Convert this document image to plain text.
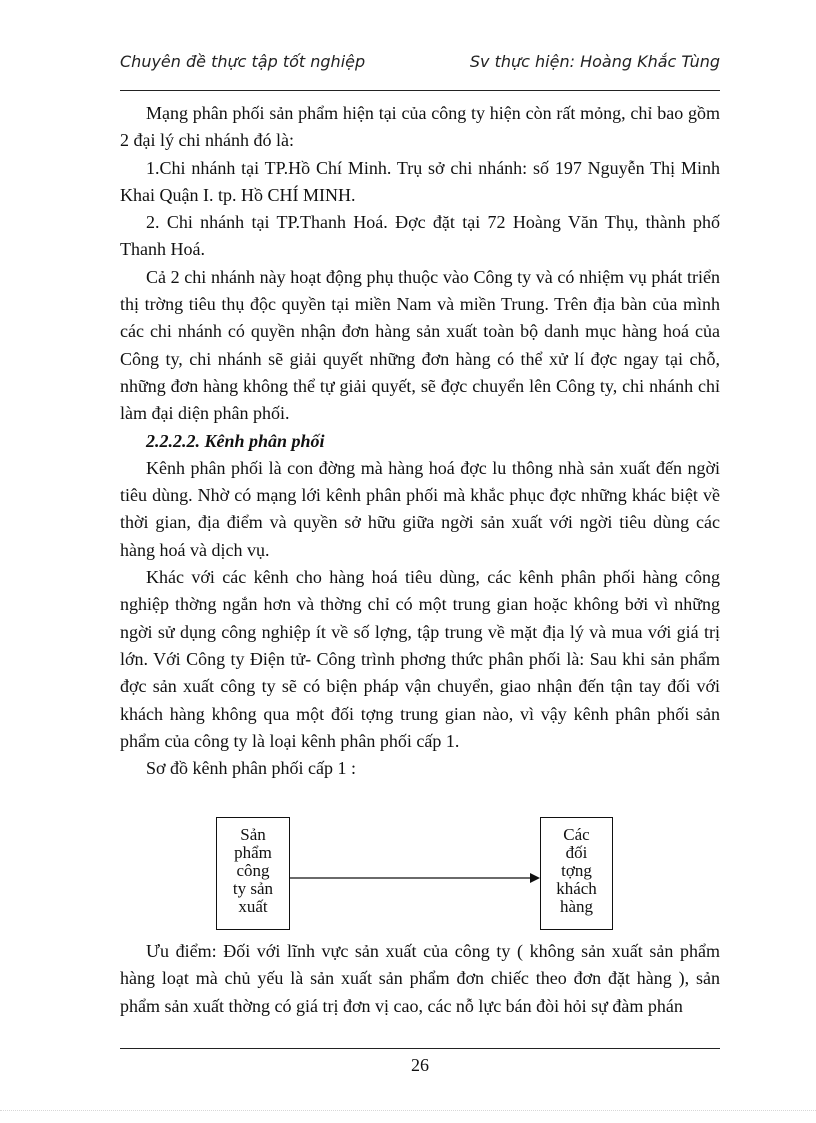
Chuyên đề thực tập tốt nghiệp	Sv thực hiện: Hoàng Khắc Tùng

Mạng phân phối sản phẩm hiện tại của công ty hiện còn rất mỏng, chỉ bao gồm 2 đại lý chi nhánh đó là:

1.Chi nhánh tại TP.Hồ Chí Minh. Trụ sở chi nhánh: số 197 Nguyễn Thị Minh Khai Quận I. tp. Hồ CHÍ MINH.

2. Chi nhánh tại TP.Thanh Hoá. Đợc đặt tại 72 Hoàng Văn Thụ, thành phố Thanh Hoá.

Cả 2 chi nhánh này hoạt động phụ thuộc vào Công ty và có nhiệm vụ phát triển thị trờng tiêu thụ độc quyền tại miền Nam và miền Trung. Trên địa bàn của mình các chi nhánh có quyền nhận đơn hàng sản xuất toàn bộ danh mục hàng hoá của Công ty, chi nhánh sẽ giải quyết những đơn hàng có thể xử lí đợc ngay tại chỗ, những đơn hàng không thể tự giải quyết, sẽ đợc chuyển lên Công ty, chi nhánh chỉ làm đại diện phân phối.

2.2.2.2. Kênh phân phối

Kênh phân phối là con đờng mà hàng hoá đợc lu thông nhà sản xuất đến ngời tiêu dùng. Nhờ có mạng lới kênh phân phối mà khắc phục đợc những khác biệt về thời gian, địa điểm và quyền sở hữu giữa ngời sản xuất với ngời tiêu dùng các hàng hoá và dịch vụ.

Khác với các kênh cho hàng hoá tiêu dùng, các kênh phân phối hàng công nghiệp thờng ngắn hơn và thờng chỉ có một trung gian hoặc không bởi vì những ngời sử dụng công nghiệp ít về số lợng, tập trung về mặt địa lý và mua với giá trị lớn. Với Công ty Điện tử- Công trình phơng thức phân phối là: Sau khi sản phẩm đợc sản xuất công ty sẽ có biện pháp vận chuyển, giao nhận đến tận tay đối với khách hàng không qua một đối tợng trung gian nào, vì vậy kênh phân phối sản phẩm của công ty là loại kênh phân phối cấp 1.

Sơ đồ kênh phân phối cấp 1 :

Sản
phẩm
công
ty sản
xuất
Các
đối
tợng
khách
hàng

Ưu điểm: Đối với lĩnh vực sản xuất của công ty ( không sản xuất sản phẩm hàng loạt mà chủ yếu là sản xuất sản phẩm đơn chiếc theo đơn đặt hàng ), sản phẩm sản xuất thờng có giá trị đơn vị cao, các nỗ lực bán đòi hỏi sự đàm phán

26
